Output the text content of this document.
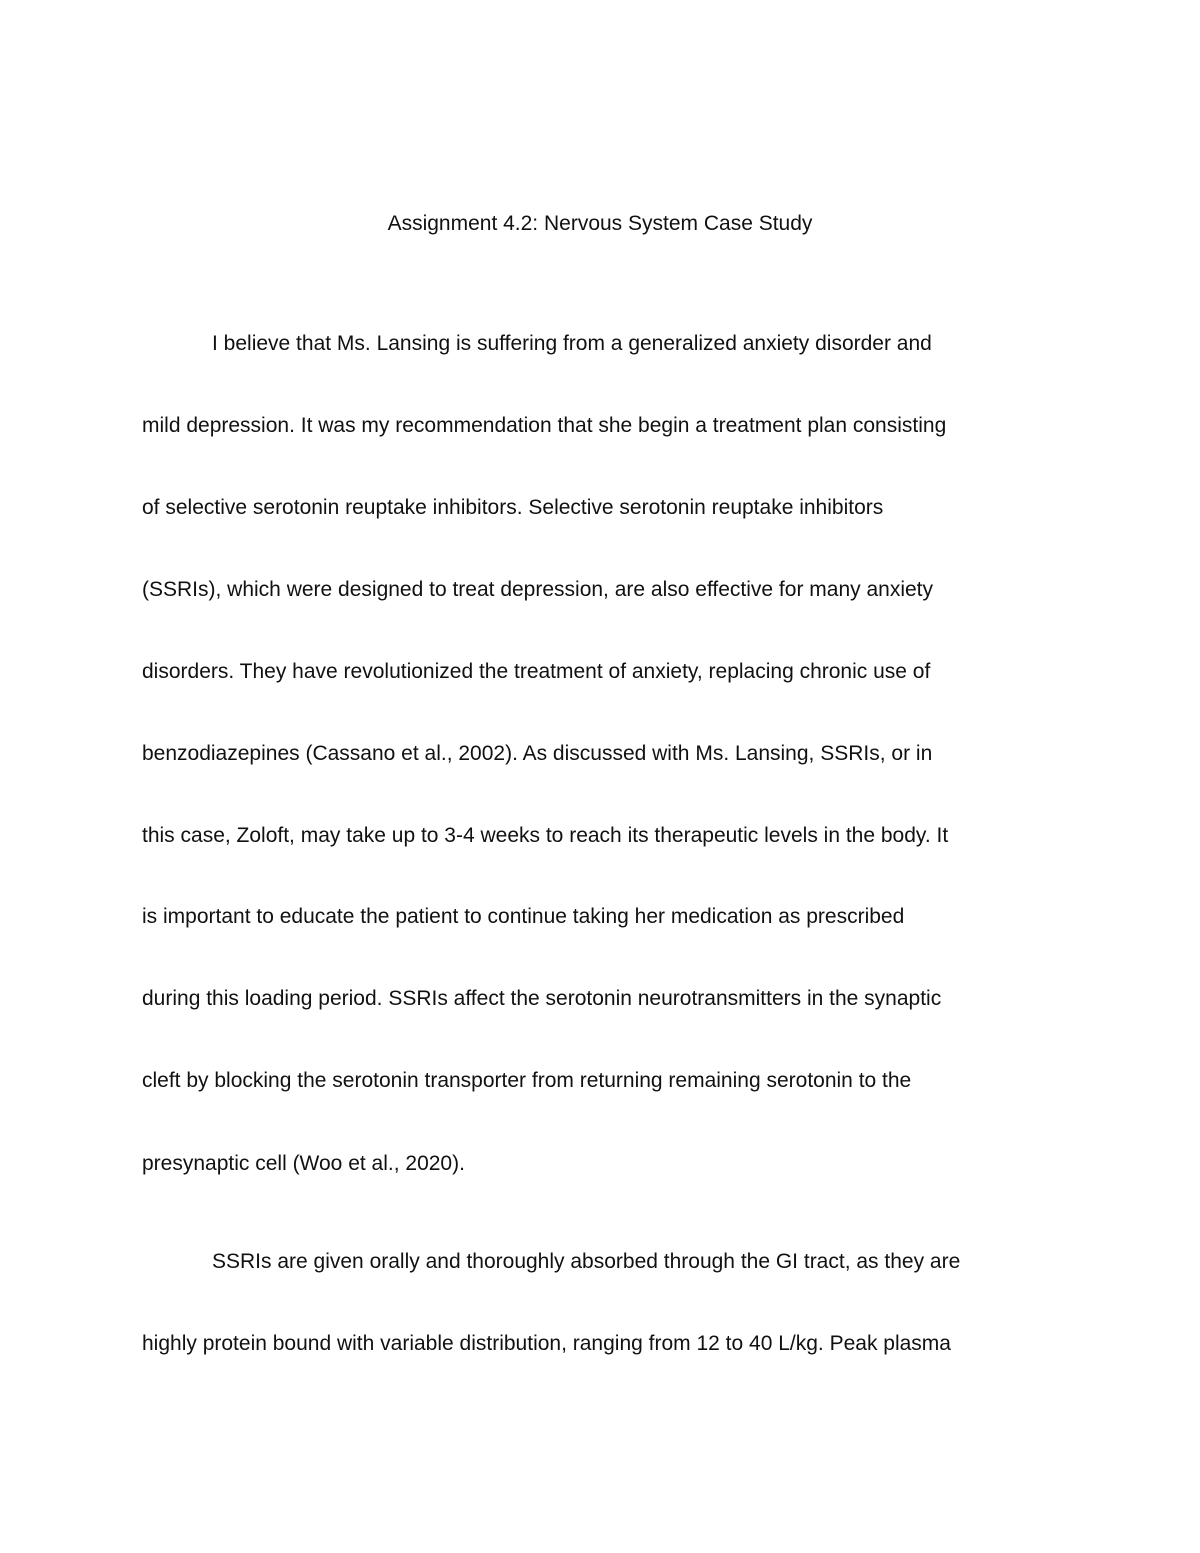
Assignment 4.2: Nervous System Case Study
I believe that Ms. Lansing is suffering from a generalized anxiety disorder and
mild depression. It was my recommendation that she begin a treatment plan consisting
of selective serotonin reuptake inhibitors. Selective serotonin reuptake inhibitors
(SSRIs), which were designed to treat depression, are also effective for many anxiety
disorders. They have revolutionized the treatment of anxiety, replacing chronic use of
benzodiazepines (Cassano et al., 2002). As discussed with Ms. Lansing, SSRIs, or in
this case, Zoloft, may take up to 3-4 weeks to reach its therapeutic levels in the body. It
is important to educate the patient to continue taking her medication as prescribed
during this loading period. SSRIs affect the serotonin neurotransmitters in the synaptic
cleft by blocking the serotonin transporter from returning remaining serotonin to the
presynaptic cell (Woo et al., 2020).
SSRIs are given orally and thoroughly absorbed through the GI tract, as they are
highly protein bound with variable distribution, ranging from 12 to 40 L/kg. Peak plasma
